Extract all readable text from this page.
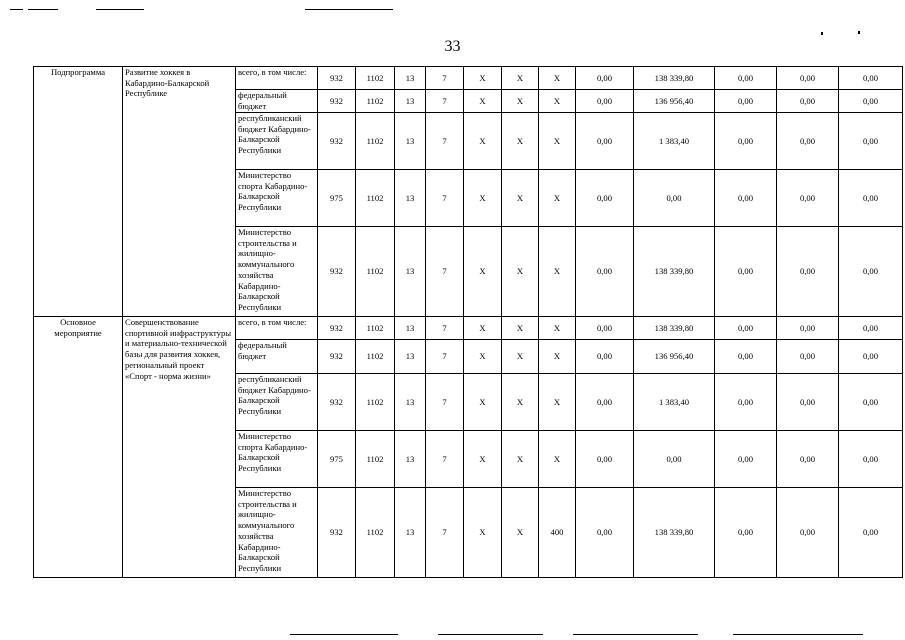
33
Подпрограмма	Развитие хоккея в Кабардино-Балкарской Республике	всего, в том числе:	932	1102	13	7	X	X	X	0,00	138 339,80	0,00	0,00	0,00
		федеральный бюджет	932	1102	13	7	X	X	X	0,00	136 956,40	0,00	0,00	0,00
		республиканский бюджет Кабардино-Балкарской Республики	932	1102	13	7	X	X	X	0,00	1 383,40	0,00	0,00	0,00
		Министерство спорта Кабардино-Балкарской Республики	975	1102	13	7	X	X	X	0,00	0,00	0,00	0,00	0,00
		Министерство строительства и жилищно-коммунального хозяйства Кабардино-Балкарской Республики	932	1102	13	7	X	X	X	0,00	138 339,80	0,00	0,00	0,00
Основное мероприятие	Совершенствование спортивной инфраструктуры и материально-технической базы для развития хоккея, региональный проект «Спорт - норма жизни»	всего, в том числе:	932	1102	13	7	X	X	X	0,00	138 339,80	0,00	0,00	0,00
		федеральный бюджет	932	1102	13	7	X	X	X	0,00	136 956,40	0,00	0,00	0,00
		республиканский бюджет Кабардино-Балкарской Республики	932	1102	13	7	X	X	X	0,00	1 383,40	0,00	0,00	0,00
		Министерство спорта Кабардино-Балкарской Республики	975	1102	13	7	X	X	X	0,00	0,00	0,00	0,00	0,00
		Министерство строительства и жилищно-коммунального хозяйства Кабардино-Балкарской Республики	932	1102	13	7	X	X	400	0,00	138 339,80	0,00	0,00	0,00
